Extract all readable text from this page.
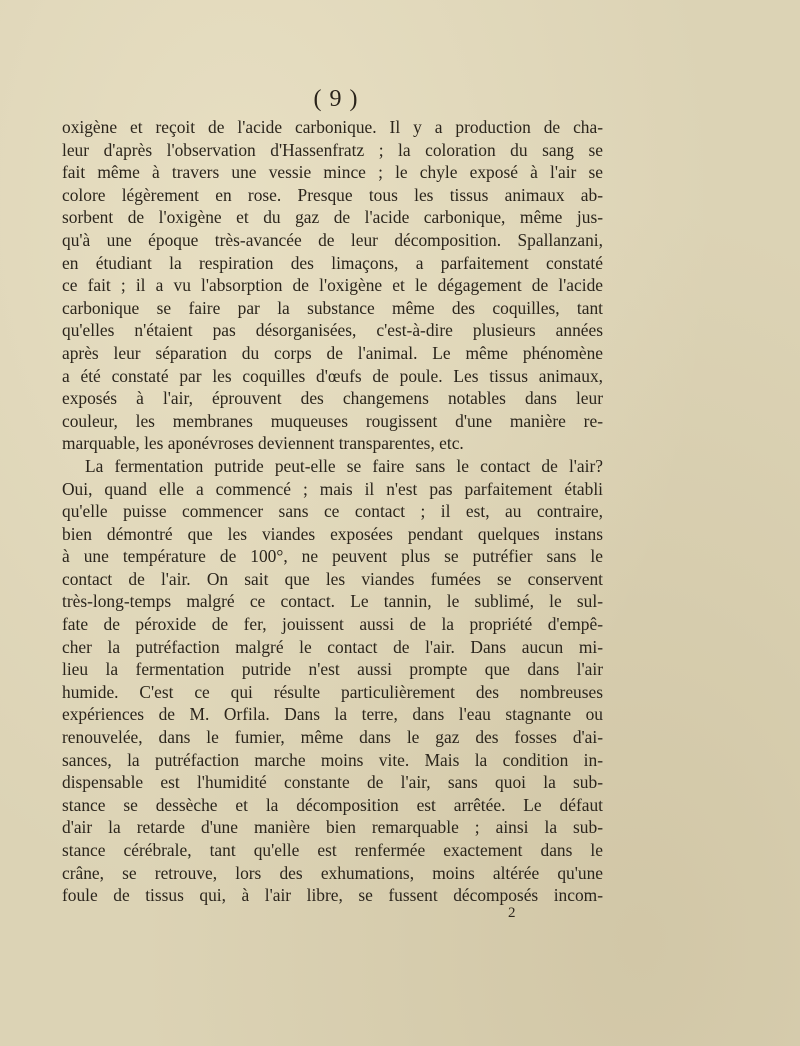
( 9 )
oxigène et reçoit de l'acide carbonique. Il y a production de cha-
leur d'après l'observation d'Hassenfratz ; la coloration du sang se
fait même à travers une vessie mince ; le chyle exposé à l'air se
colore légèrement en rose. Presque tous les tissus animaux ab-
sorbent de l'oxigène et du gaz de l'acide carbonique, même jus-
qu'à une époque très-avancée de leur décomposition. Spallanzani,
en étudiant la respiration des limaçons, a parfaitement constaté
ce fait ; il a vu l'absorption de l'oxigène et le dégagement de l'acide
carbonique se faire par la substance même des coquilles, tant
qu'elles n'étaient pas désorganisées, c'est-à-dire plusieurs années
après leur séparation du corps de l'animal. Le même phénomène
a été constaté par les coquilles d'œufs de poule. Les tissus animaux,
exposés à l'air, éprouvent des changemens notables dans leur
couleur, les membranes muqueuses rougissent d'une manière re-
marquable, les aponévroses deviennent transparentes, etc.
La fermentation putride peut-elle se faire sans le contact de l'air?
Oui, quand elle a commencé ; mais il n'est pas parfaitement établi
qu'elle puisse commencer sans ce contact ; il est, au contraire,
bien démontré que les viandes exposées pendant quelques instans
à une température de 100°, ne peuvent plus se putréfier sans le
contact de l'air. On sait que les viandes fumées se conservent
très-long-temps malgré ce contact. Le tannin, le sublimé, le sul-
fate de péroxide de fer, jouissent aussi de la propriété d'empê-
cher la putréfaction malgré le contact de l'air. Dans aucun mi-
lieu la fermentation putride n'est aussi prompte que dans l'air
humide. C'est ce qui résulte particulièrement des nombreuses
expériences de M. Orfila. Dans la terre, dans l'eau stagnante ou
renouvelée, dans le fumier, même dans le gaz des fosses d'ai-
sances, la putréfaction marche moins vite. Mais la condition in-
dispensable est l'humidité constante de l'air, sans quoi la sub-
stance se dessèche et la décomposition est arrêtée. Le défaut
d'air la retarde d'une manière bien remarquable ; ainsi la sub-
stance cérébrale, tant qu'elle est renfermée exactement dans le
crâne, se retrouve, lors des exhumations, moins altérée qu'une
foule de tissus qui, à l'air libre, se fussent décomposés incom-
2
